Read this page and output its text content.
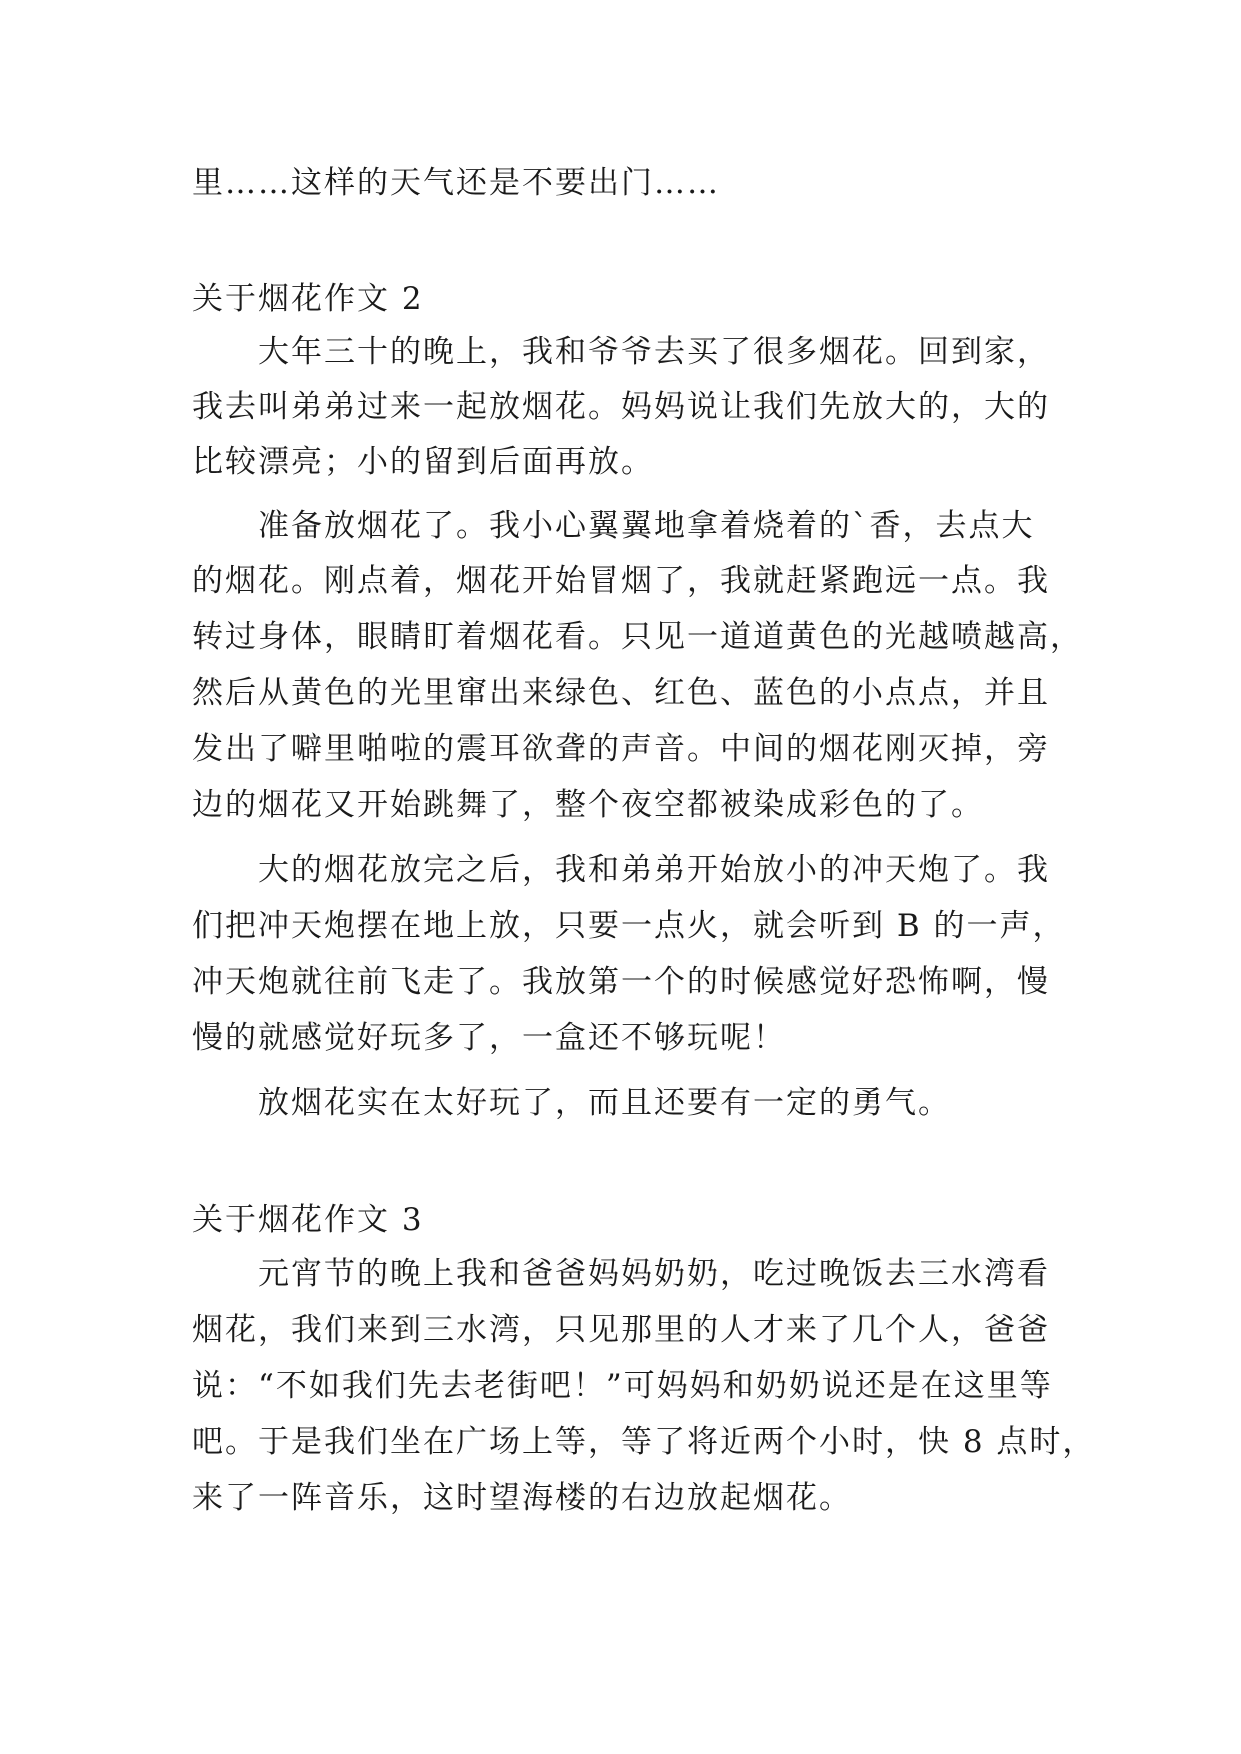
里……这样的天气还是不要出门……
关于烟花作文 2
大年三十的晚上，我和爷爷去买了很多烟花。回到家，
我去叫弟弟过来一起放烟花。妈妈说让我们先放大的，大的
比较漂亮；小的留到后面再放。
准备放烟花了。我小心翼翼地拿着烧着的`香，去点大
的烟花。刚点着，烟花开始冒烟了，我就赶紧跑远一点。我
转过身体，眼睛盯着烟花看。只见一道道黄色的光越喷越高，
然后从黄色的光里窜出来绿色、红色、蓝色的小点点，并且
发出了噼里啪啦的震耳欲聋的声音。中间的烟花刚灭掉，旁
边的烟花又开始跳舞了，整个夜空都被染成彩色的了。
大的烟花放完之后，我和弟弟开始放小的冲天炮了。我
们把冲天炮摆在地上放，只要一点火，就会听到 B 的一声，
冲天炮就往前飞走了。我放第一个的时候感觉好恐怖啊，慢
慢的就感觉好玩多了，一盒还不够玩呢！
放烟花实在太好玩了，而且还要有一定的勇气。
关于烟花作文 3
元宵节的晚上我和爸爸妈妈奶奶，吃过晚饭去三水湾看
烟花，我们来到三水湾，只见那里的人才来了几个人，爸爸
说：“不如我们先去老街吧！”可妈妈和奶奶说还是在这里等
吧。于是我们坐在广场上等，等了将近两个小时，快 8 点时，
来了一阵音乐，这时望海楼的右边放起烟花。
